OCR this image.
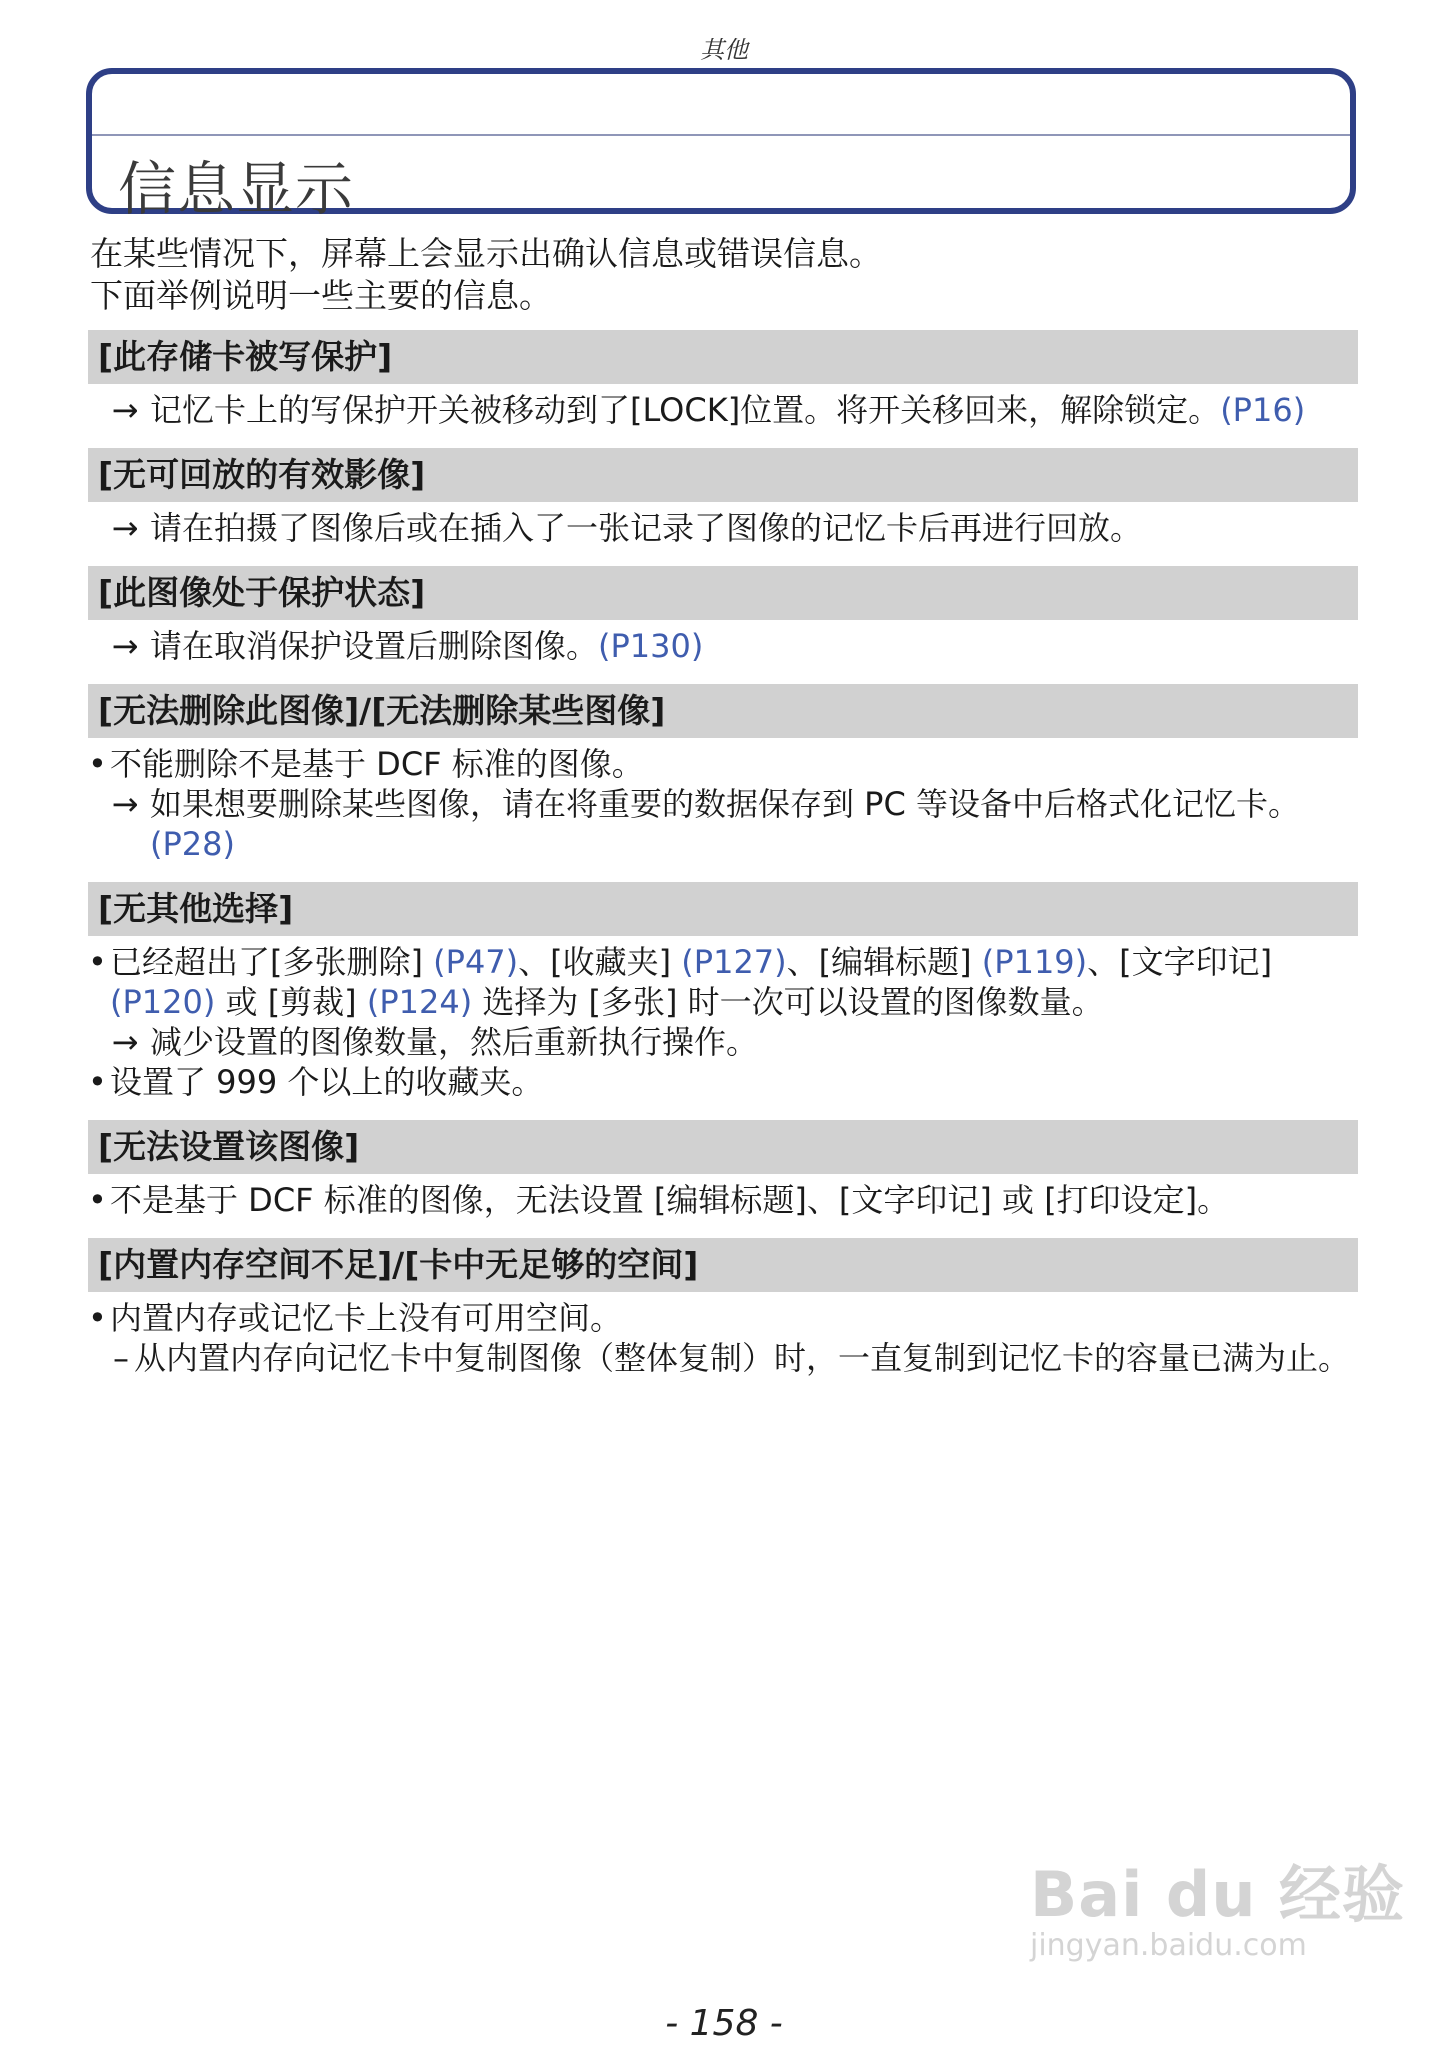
其他
信息显示
在某些情况下，屏幕上会显示出确认信息或错误信息。
下面举例说明一些主要的信息。
[此存储卡被写保护]
→ 记忆卡上的写保护开关被移动到了[LOCK]位置。将开关移回来，解除锁定。(P16)
[无可回放的有效影像]
→ 请在拍摄了图像后或在插入了一张记录了图像的记忆卡后再进行回放。
[此图像处于保护状态]
→ 请在取消保护设置后删除图像。(P130)
[无法删除此图像]/[无法删除某些图像]
• 不能删除不是基于 DCF 标准的图像。
→ 如果想要删除某些图像，请在将重要的数据保存到 PC 等设备中后格式化记忆卡。(P28)
[无其他选择]
• 已经超出了[多张删除] (P47)、[收藏夹] (P127)、[编辑标题] (P119)、[文字印记] (P120) 或 [剪裁] (P124) 选择为 [多张] 时一次可以设置的图像数量。
→ 减少设置的图像数量，然后重新执行操作。
• 设置了 999 个以上的收藏夹。
[无法设置该图像]
• 不是基于 DCF 标准的图像，无法设置 [编辑标题]、[文字印记] 或 [打印设定]。
[内置内存空间不足]/[卡中无足够的空间]
• 内置内存或记忆卡上没有可用空间。
– 从内置内存向记忆卡中复制图像（整体复制）时，一直复制到记忆卡的容量已满为止。
- 158 -
Bai du 经验
jingyan.baidu.com
